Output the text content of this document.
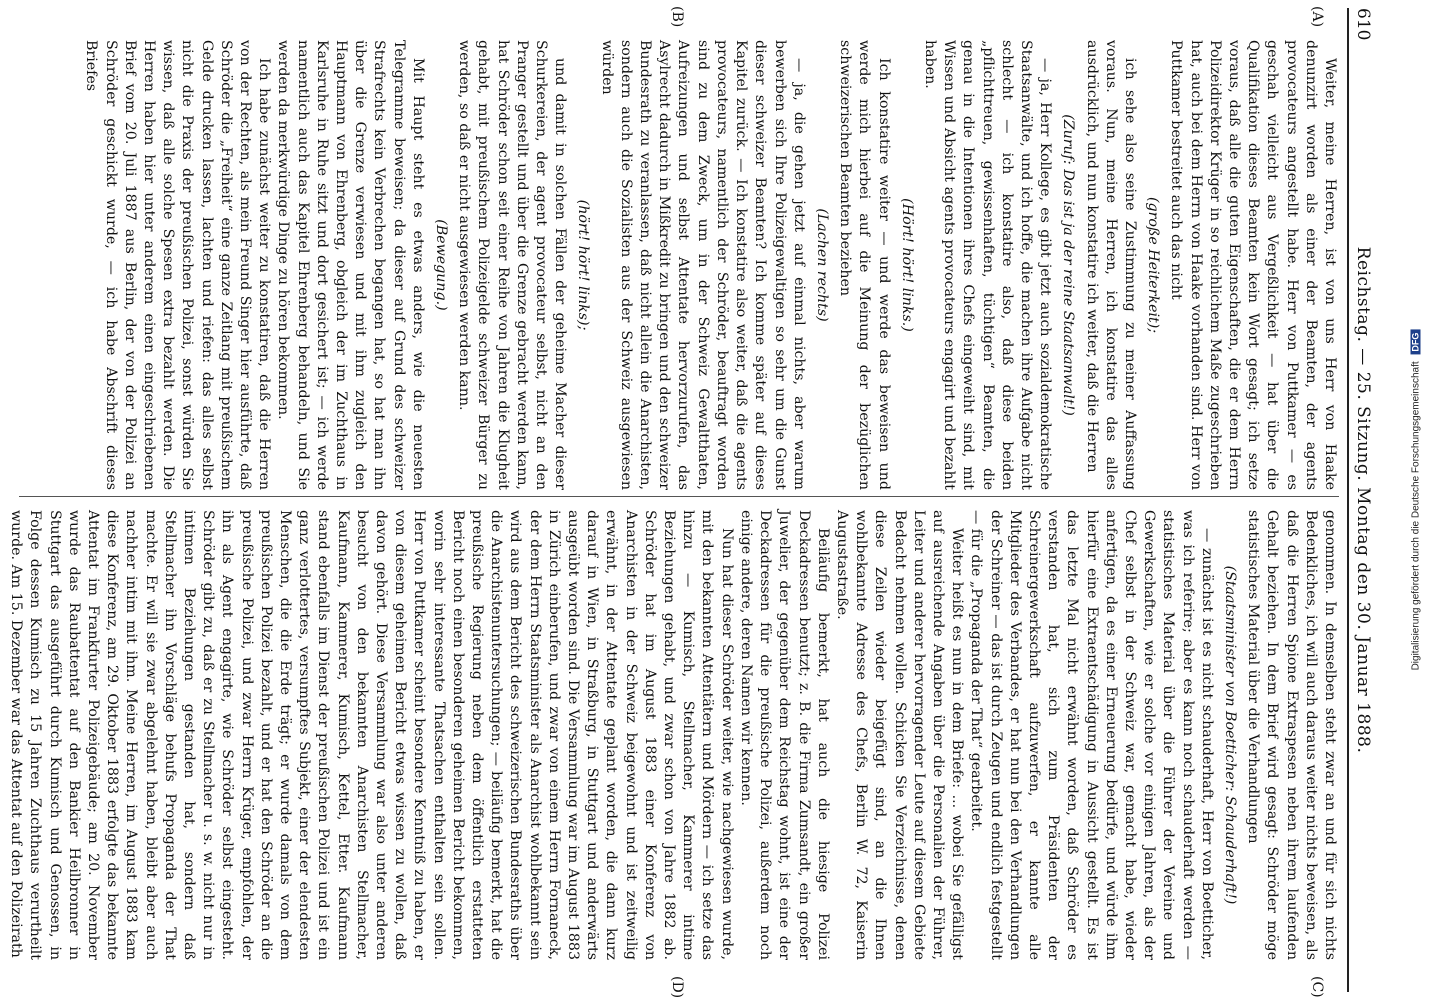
610
Reichstag. — 25. Sitzung. Montag den 30. Januar 1888.
(A)
(B)
(C)
(D)

Weiter, meine Herren, ist von uns Herr von Haake denunzirt worden als einer der Beamten, der agents provocateurs angestellt habe. Herr von Puttkamer — es geschah vielleicht aus Vergeßlichkeit — hat über die Qualifikation dieses Beamten kein Wort gesagt; ich setze voraus, daß alle die guten Eigenschaften, die er dem Herrn Polizeidirektor Krüger in so reichlichem Maße zugeschrieben hat, auch bei dem Herrn von Haake vorhanden sind. Herr von Puttkamer bestreitet auch das nicht

(große Heiterkeit);

ich sehe also seine Zustimmung zu meiner Auffassung voraus. Nun, meine Herren, ich konstatire das alles ausdrücklich, und nun konstatire ich weiter, daß die Herren

(Zuruf: Das ist ja der reine Staatsanwalt!)

— ja, Herr Kollege, es gibt jetzt auch sozialdemokratische Staatsanwälte, und ich hoffe, die machen ihre Aufgabe nicht schlecht — ich konstatire also, daß diese beiden „pflichttreuen, gewissenhaften, tüchtigen“ Beamten, die genau in die Intentionen ihres Chefs eingeweiht sind, mit Wissen und Absicht agents provocateurs engagirt und bezahlt haben.

(Hört! hört! links.)

Ich konstatire weiter — und werde das beweisen und werde mich hierbei auf die Meinung der bezüglichen schweizerischen Beamten beziehen

(Lachen rechts)

— ja, die gehen jetzt auf einmal nichts, aber warum bewerben sich Ihre Polizeigewaltigen so sehr um die Gunst dieser schweizer Beamten? Ich komme später auf dieses Kapitel zurück. — Ich konstatire also weiter, daß die agents provocateurs, namentlich der Schröder, beauftragt worden sind zu dem Zweck, um in der Schweiz Gewaltthaten, Aufreizungen und selbst Attentate hervorzurufen, das Asylrecht dadurch in Mißkredit zu bringen und den schweizer Bundesrath zu veranlassen, daß nicht allein die Anarchisten, sondern auch die Sozialisten aus der Schweiz ausgewiesen würden

(hört! hört! links);

und damit in solchen Fällen der geheime Macher dieser Schurkereien, der agent provocateur selbst, nicht an den Pranger gestellt und über die Grenze gebracht werden kann, hat Schröder schon seit einer Reihe von Jahren die Klugheit gehabt, mit preußischem Polizeigelde schweizer Bürger zu werden, so daß er nicht ausgewiesen werden kann.

(Bewegung.)

Mit Haupt steht es etwas anders, wie die neuesten Telegramme beweisen; da dieser auf Grund des schweizer Strafrechts kein Verbrechen begangen hat, so hat man ihn über die Grenze verwiesen und mit ihm zugleich den Hauptmann von Ehrenberg, obgleich der im Zuchthaus in Karlsruhe in Ruhe sitzt und dort gesichert ist; — ich werde namentlich auch das Kapitel Ehrenberg behandeln, und Sie werden da merkwürdige Dinge zu hören bekommen.

Ich habe zunächst weiter zu konstatiren, daß die Herren von der Rechten, als mein Freund Singer hier ausführte, daß Schröder die „Freiheit“ eine ganze Zeitlang mit preußischem Gelde drucken lassen, lachten und riefen: das alles selbst nicht die Praxis der preußischen Polizei, sonst würden Sie wissen, daß alle solche Spesen extra bezahlt werden. Die Herren haben hier unter anderem einen eingeschriebenen Brief vom 20. Juli 1887 aus Berlin, der von der Polizei an Schröder geschickt wurde, — ich habe Abschrift dieses Briefes

genommen. In demselben steht zwar an und für sich nichts Bedenkliches, ich will auch daraus weiter nichts beweisen, als daß die Herren Spione Extraspesen neben ihrem laufenden Gehalt beziehen. In dem Brief wird gesagt: Schröder möge statistisches Material über die Verhandlungen

(Staatsminister von Boetticher: Schauderhaft!)

— zunächst ist es nicht schauderhaft, Herr von Boetticher, was ich referire; aber es kann noch schauderhaft werden — statistisches Material über die Führer der Vereine und Gewerkschaften, wie er solche vor einigen Jahren, als der Chef selbst in der Schweiz war, gemacht habe, wieder anfertigen, da es einer Erneuerung bedürfe, und würde ihm hierfür eine Extraentschädigung in Aussicht gestellt. Es ist das letzte Mal nicht erwähnt worden, daß Schröder es verstanden hat, sich zum Präsidenten der Schreinergewerkschaft aufzuwerfen, er kannte alle Mitglieder des Verbandes, er hat nun bei den Verhandlungen der Schreiner — das ist durch Zeugen und endlich festgestellt — für die „Propaganda der That“ gearbeitet.

Weiter heißt es nun in dem Briefe: ... wobei Sie gefälligst auf ausreichende Angaben über die Personalien der Führer, Leiter und anderer hervorragender Leute auf diesem Gebiete Bedacht nehmen wollen. Schicken Sie Verzeichnisse, denen diese Zeilen wieder beigefügt sind, an die Ihnen wohlbekannte Adresse des Chefs, Berlin W. 72, Kaiserin Augustastraße.

Beiläufig bemerkt, hat auch die hiesige Polizei Deckadressen benutzt; z. B. die Firma Zumsandt, ein großer Juwelier, der gegenüber dem Reichstag wohnt, ist eine der Deckadressen für die preußische Polizei, außerdem noch einige andere, deren Namen wir kennen.

Nun hat dieser Schröder weiter, wie nachgewiesen wurde, mit den bekannten Attentätern und Mördern — ich setze das hinzu — Kumisch, Stellmacher, Kammerer intime Beziehungen gehabt, und zwar schon von Jahre 1882 ab. Schröder hat im August 1883 einer Konferenz von Anarchisten in der Schweiz beigewohnt und ist zeitweilig erwähnt, in der Attentate geplant worden, die dann kurz darauf in Wien, in Straßburg, in Stuttgart und anderwärts ausgeübt worden sind. Die Versammlung war im August 1883 in Zürich einberufen, und zwar von einem Herrn Fornaneck, der dem Herrn Staatsminister als Anarchist wohlbekannt sein wird aus dem Bericht des schweizerischen Bundesraths über die Anarchistenuntersuchungen; — beiläufig bemerkt, hat die preußische Regierung neben dem öffentlich erstatteten Bericht noch einen besonderen geheimen Bericht bekommen, worin sehr interessante Thatsachen enthalten sein sollen. Herr von Puttkamer scheint besondere Kenntniß zu haben, er von diesem geheimen Bericht etwas wissen zu wollen, daß davon gehört. Diese Versammlung war also unter anderen besucht von den bekannten Anarchisten Stellmacher, Kaufmann, Kammerer, Kumisch, Kettel, Etter. Kaufmann stand ebenfalls im Dienst der preußischen Polizei und ist ein ganz verlottertes, versumpftes Subjekt, einer der elendesten Menschen, die die Erde trägt; er wurde damals von dem preußischen Polizei bezahlt, und er hat den Schröder an die preußische Polizei, und zwar Herrn Krüger, empfohlen, der ihn als Agent engagirte, wie Schröder selbst eingesteht. Schröder gibt zu, daß er zu Stellmacher u. s. w. nicht nur in intimen Beziehungen gestanden hat, sondern daß Stellmacher ihn Vorschläge behufs Propaganda der That machte. Er will sie zwar abgelehnt haben, bleibt aber auch nachher intim mit ihm. Meine Herren, im August 1883 kam diese Konferenz, am 29. Oktober 1883 erfolgte das bekannte Attentat im Frankfurter Polizeigebäude; am 20. November wurde das Raubattentat auf den Bankier Heilbronner in Stuttgart das ausgeführt durch Kumisch und Genossen, in Folge dessen Kumisch zu 15 Jahren Zuchthaus verurtheilt wurde. Am 15. Dezember war das Attentat auf den Polizeirath	Digitalisierung gefördert durch die Deutsche Forschungsgemeinschaft DFG
